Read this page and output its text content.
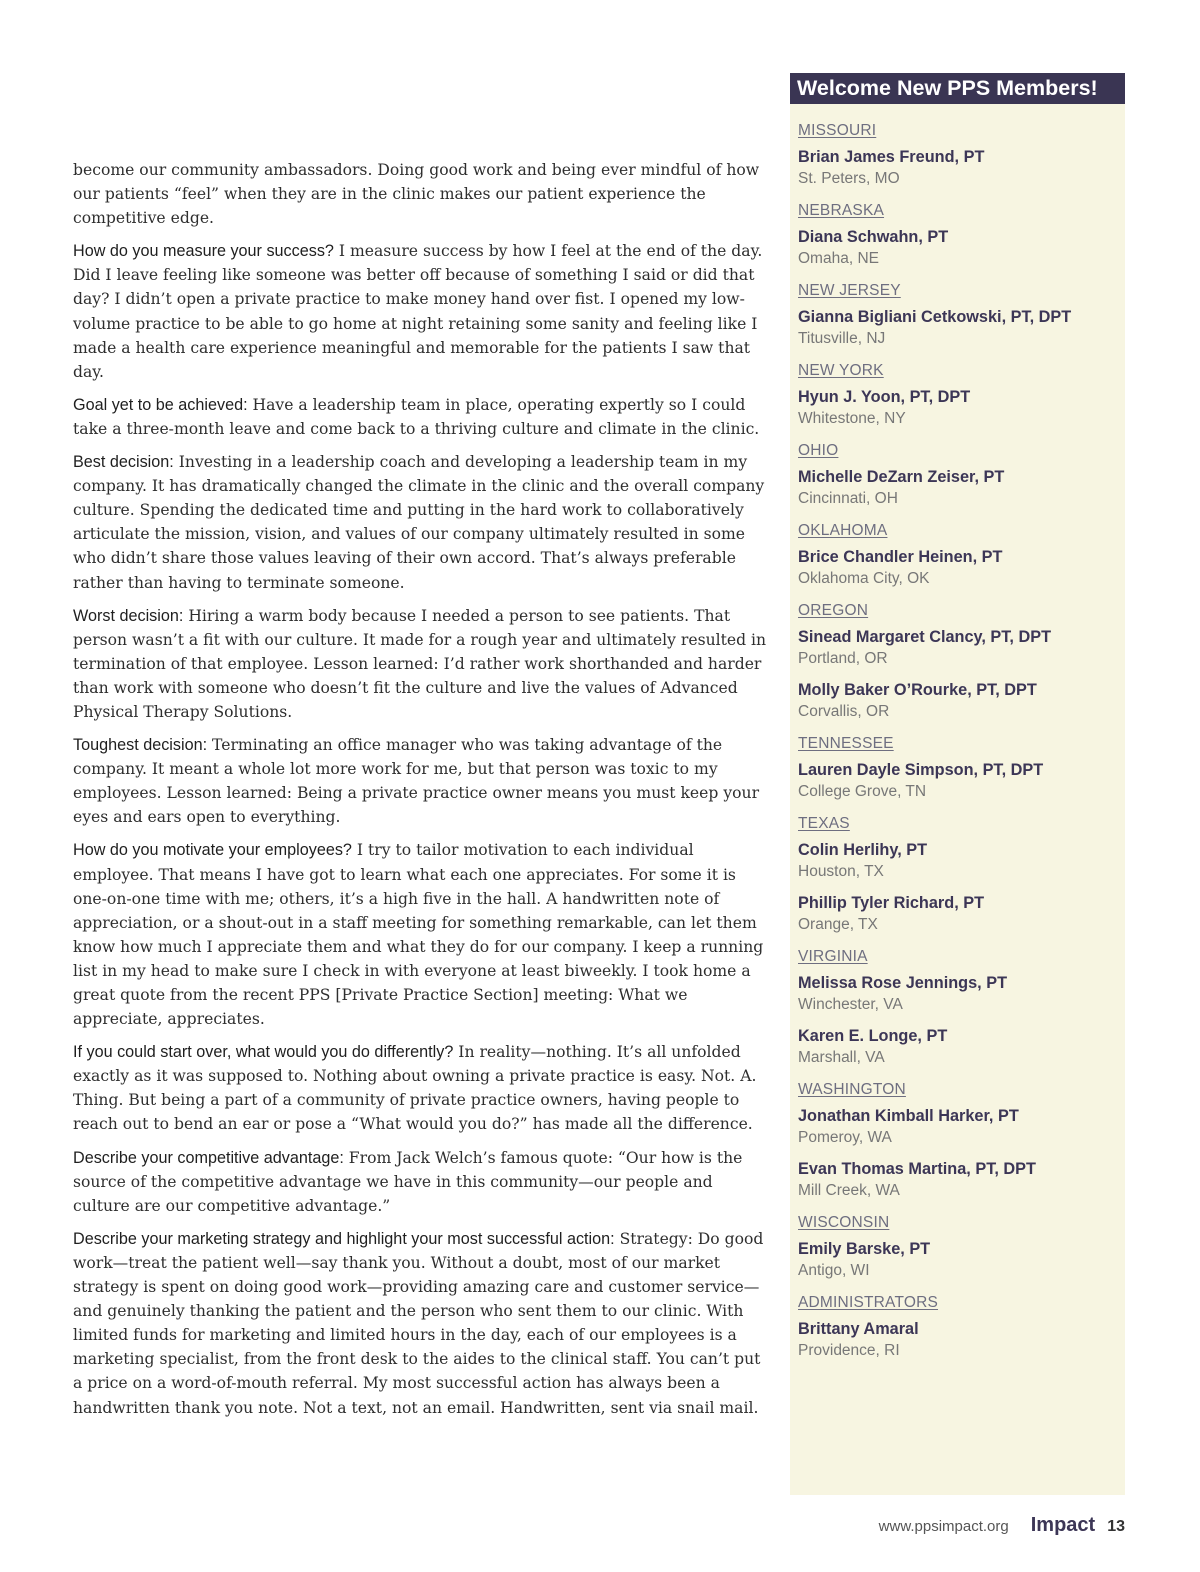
become our community ambassadors. Doing good work and being ever mindful of how our patients “feel” when they are in the clinic makes our patient experience the competitive edge.

How do you measure your success? I measure success by how I feel at the end of the day. Did I leave feeling like someone was better off because of something I said or did that day? I didn’t open a private practice to make money hand over fist. I opened my low-volume practice to be able to go home at night retaining some sanity and feeling like I made a health care experience meaningful and memorable for the patients I saw that day.

Goal yet to be achieved: Have a leadership team in place, operating expertly so I could take a three-month leave and come back to a thriving culture and climate in the clinic.

Best decision: Investing in a leadership coach and developing a leadership team in my company. It has dramatically changed the climate in the clinic and the overall company culture. Spending the dedicated time and putting in the hard work to collaboratively articulate the mission, vision, and values of our company ultimately resulted in some who didn’t share those values leaving of their own accord. That’s always preferable rather than having to terminate someone.

Worst decision: Hiring a warm body because I needed a person to see patients. That person wasn’t a fit with our culture. It made for a rough year and ultimately resulted in termination of that employee. Lesson learned: I’d rather work shorthanded and harder than work with someone who doesn’t fit the culture and live the values of Advanced Physical Therapy Solutions.

Toughest decision: Terminating an office manager who was taking advantage of the company. It meant a whole lot more work for me, but that person was toxic to my employees. Lesson learned: Being a private practice owner means you must keep your eyes and ears open to everything.

How do you motivate your employees? I try to tailor motivation to each individual employee. That means I have got to learn what each one appreciates. For some it is one-on-one time with me; others, it’s a high five in the hall. A handwritten note of appreciation, or a shout-out in a staff meeting for something remarkable, can let them know how much I appreciate them and what they do for our company. I keep a running list in my head to make sure I check in with everyone at least biweekly. I took home a great quote from the recent PPS [Private Practice Section] meeting: What we appreciate, appreciates.

If you could start over, what would you do differently? In reality—nothing. It’s all unfolded exactly as it was supposed to. Nothing about owning a private practice is easy. Not. A. Thing. But being a part of a community of private practice owners, having people to reach out to bend an ear or pose a “What would you do?” has made all the difference.

Describe your competitive advantage: From Jack Welch’s famous quote: “Our how is the source of the competitive advantage we have in this community—our people and culture are our competitive advantage.”

Describe your marketing strategy and highlight your most successful action: Strategy: Do good work—treat the patient well—say thank you. Without a doubt, most of our market strategy is spent on doing good work—providing amazing care and customer service—and genuinely thanking the patient and the person who sent them to our clinic. With limited funds for marketing and limited hours in the day, each of our employees is a marketing specialist, from the front desk to the aides to the clinical staff. You can’t put a price on a word-of-mouth referral. My most successful action has always been a handwritten thank you note. Not a text, not an email. Handwritten, sent via snail mail.

Welcome New PPS Members!
MISSOURI
Brian James Freund, PT
St. Peters, MO
NEBRASKA
Diana Schwahn, PT
Omaha, NE
NEW JERSEY
Gianna Bigliani Cetkowski, PT, DPT
Titusville, NJ
NEW YORK
Hyun J. Yoon, PT, DPT
Whitestone, NY
OHIO
Michelle DeZarn Zeiser, PT
Cincinnati, OH
OKLAHOMA
Brice Chandler Heinen, PT
Oklahoma City, OK
OREGON
Sinead Margaret Clancy, PT, DPT
Portland, OR
Molly Baker O’Rourke, PT, DPT
Corvallis, OR
TENNESSEE
Lauren Dayle Simpson, PT, DPT
College Grove, TN
TEXAS
Colin Herlihy, PT
Houston, TX
Phillip Tyler Richard, PT
Orange, TX
VIRGINIA
Melissa Rose Jennings, PT
Winchester, VA
Karen E. Longe, PT
Marshall, VA
WASHINGTON
Jonathan Kimball Harker, PT
Pomeroy, WA
Evan Thomas Martina, PT, DPT
Mill Creek, WA
WISCONSIN
Emily Barske, PT
Antigo, WI
ADMINISTRATORS
Brittany Amaral
Providence, RI
www.ppsimpact.org Impact 13
